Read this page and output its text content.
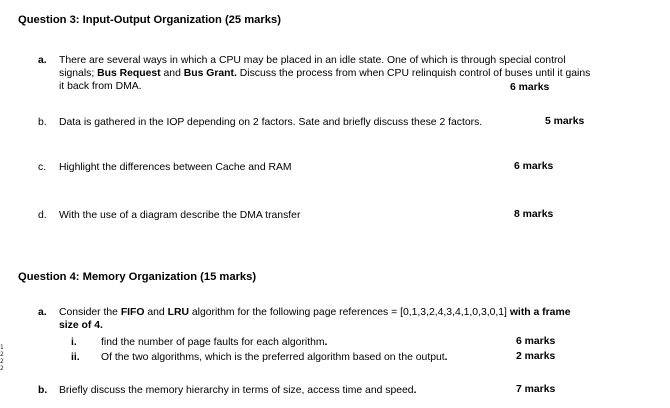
Question 3: Input-Output Organization (25 marks)
a. There are several ways in which a CPU may be placed in an idle state. One of which is through special control
signals; Bus Request and Bus Grant. Discuss the process from when CPU relinquish control of buses until it gains
it back from DMA.	6 marks
b. Data is gathered in the IOP depending on 2 factors. Sate and briefly discuss these 2 factors.	5 marks
c. Highlight the differences between Cache and RAM	6 marks
d. With the use of a diagram describe the DMA transfer	8 marks
Question 4: Memory Organization (15 marks)
a. Consider the FIFO and LRU algorithm for the following page references = [0,1,3,2,4,3,4,1,0,3,0,1] with a frame
size of 4.
i. find the number of page faults for each algorithm.	6 marks
ii. Of the two algorithms, which is the preferred algorithm based on the output.	2 marks
b. Briefly discuss the memory hierarchy in terms of size, access time and speed.	7 marks
1
2
2
2
